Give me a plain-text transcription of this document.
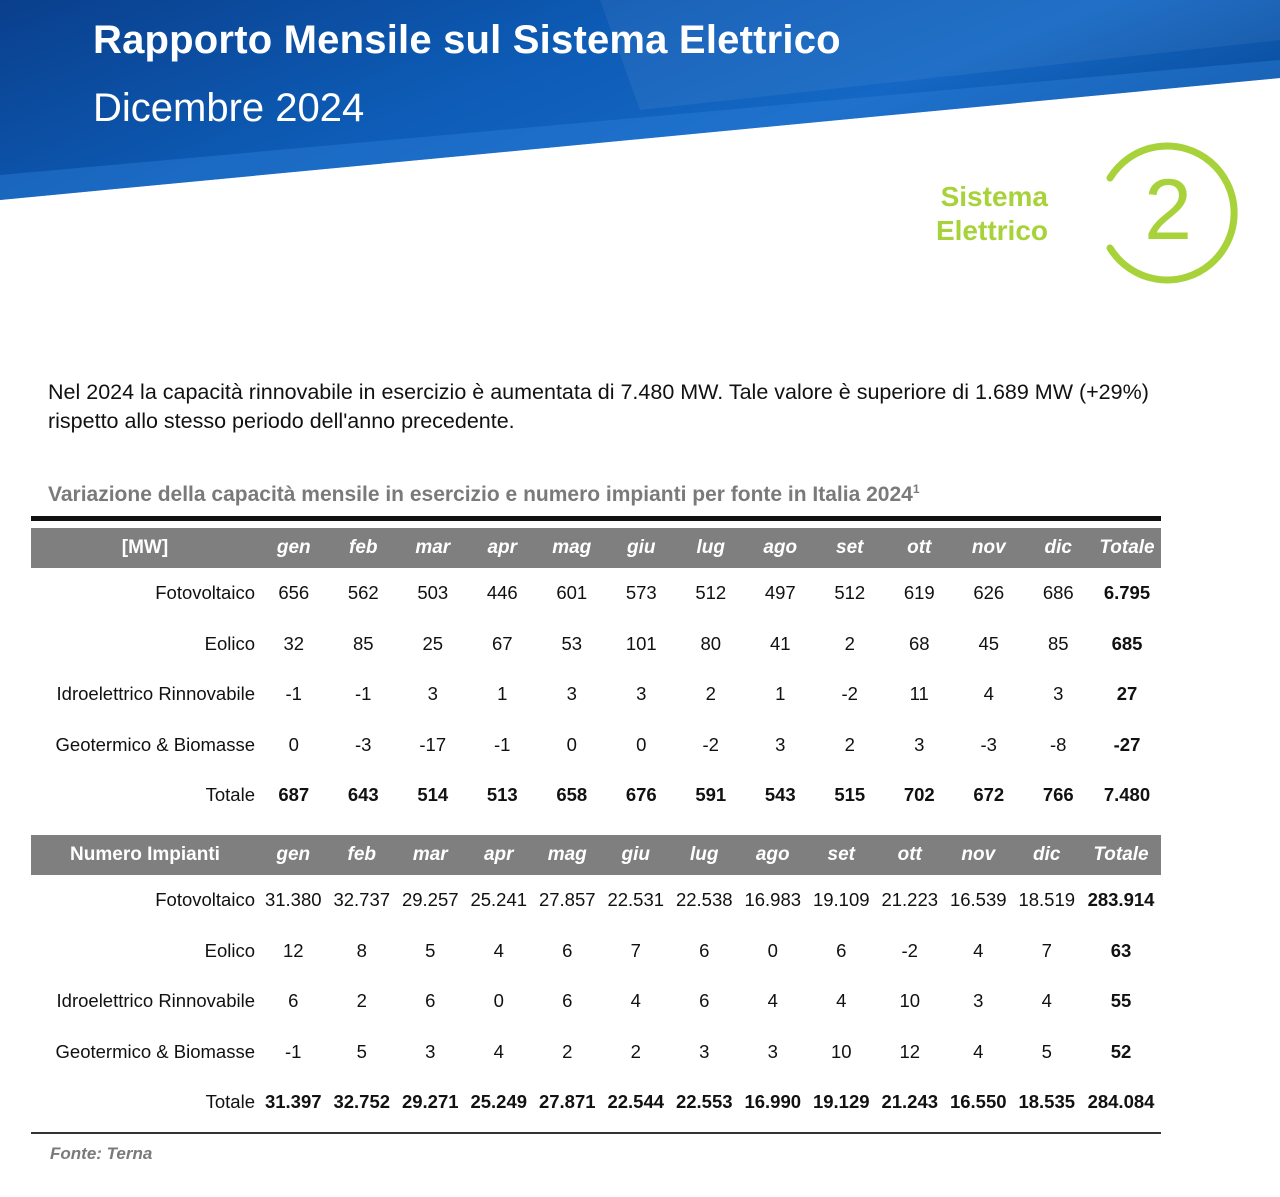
Rapporto Mensile sul Sistema Elettrico
Dicembre 2024
Sistema
Elettrico	2

Nel 2024 la capacità rinnovabile in esercizio è aumentata di 7.480 MW. Tale valore è superiore di 1.689 MW (+29%) rispetto allo stesso periodo dell'anno precedente.

Variazione della capacità mensile in esercizio e numero impianti per fonte in Italia 2024$^1$

[MW]	gen	feb	mar	apr	mag	giu	lug	ago	set	ott	nov	dic	Totale
Fotovoltaico	656	562	503	446	601	573	512	497	512	619	626	686	6.795
Eolico	32	85	25	67	53	101	80	41	2	68	45	85	685
Idroelettrico Rinnovabile	-1	-1	3	1	3	3	2	1	-2	11	4	3	27
Geotermico & Biomasse	0	-3	-17	-1	0	0	-2	3	2	3	-3	-8	-27
Totale	687	643	514	513	658	676	591	543	515	702	672	766	7.480
Numero Impianti	gen	feb	mar	apr	mag	giu	lug	ago	set	ott	nov	dic	Totale
Fotovoltaico	31.380	32.737	29.257	25.241	27.857	22.531	22.538	16.983	19.109	21.223	16.539	18.519	283.914
Eolico	12	8	5	4	6	7	6	0	6	-2	4	7	63
Idroelettrico Rinnovabile	6	2	6	0	6	4	6	4	4	10	3	4	55
Geotermico & Biomasse	-1	5	3	4	2	2	3	3	10	12	4	5	52
Totale	31.397	32.752	29.271	25.249	27.871	22.544	22.553	16.990	19.129	21.243	16.550	18.535	284.084

Fonte: Terna
